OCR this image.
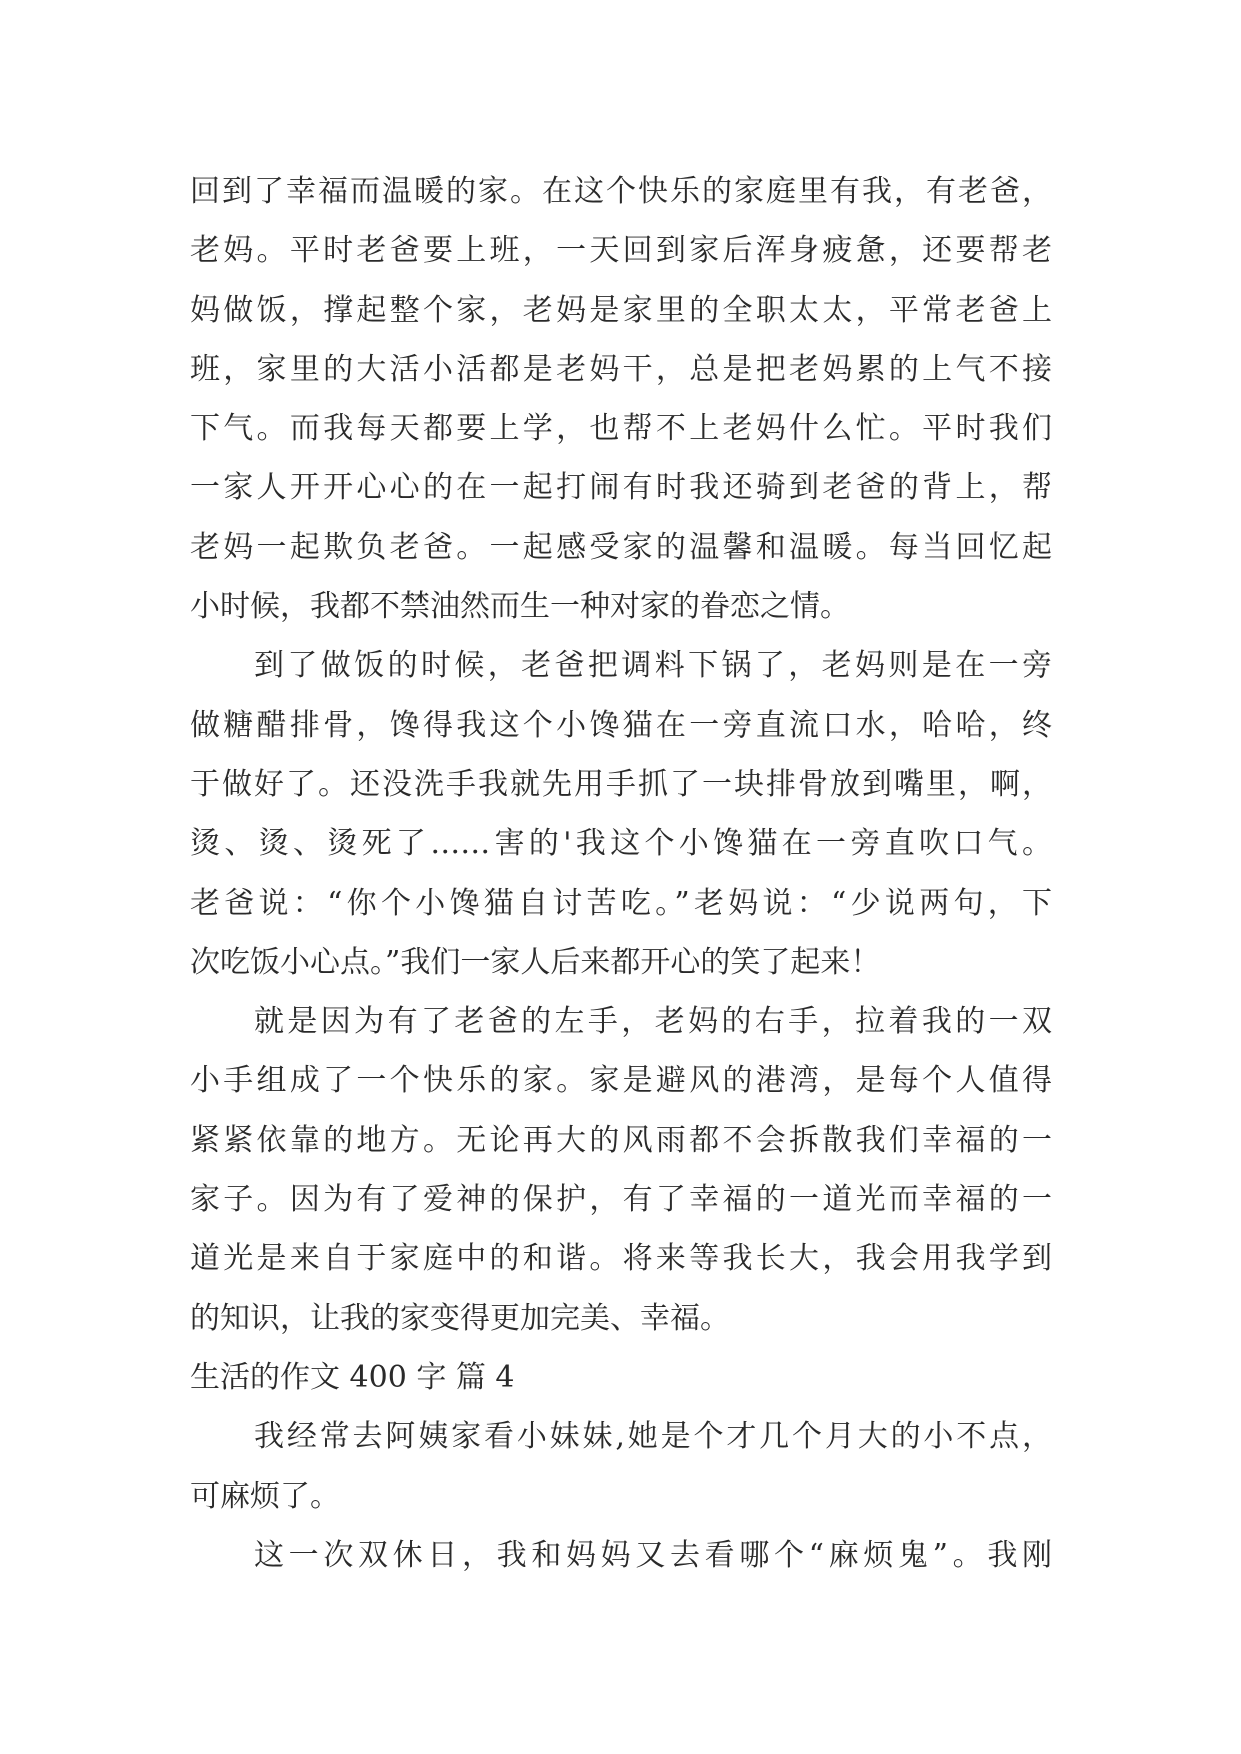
回到了幸福而温暖的家。在这个快乐的家庭里有我，有老爸，
老妈。平时老爸要上班，一天回到家后浑身疲惫，还要帮老
妈做饭，撑起整个家，老妈是家里的全职太太，平常老爸上
班，家里的大活小活都是老妈干，总是把老妈累的上气不接
下气。而我每天都要上学，也帮不上老妈什么忙。平时我们
一家人开开心心的在一起打闹有时我还骑到老爸的背上，帮
老妈一起欺负老爸。一起感受家的温馨和温暖。每当回忆起
小时候，我都不禁油然而生一种对家的眷恋之情。
到了做饭的时候，老爸把调料下锅了，老妈则是在一旁
做糖醋排骨，馋得我这个小馋猫在一旁直流口水，哈哈，终
于做好了。还没洗手我就先用手抓了一块排骨放到嘴里，啊，
烫、烫、烫死了……害的'我这个小馋猫在一旁直吹口气。
老爸说：“你个小馋猫自讨苦吃。”老妈说：“少说两句，下
次吃饭小心点。”我们一家人后来都开心的笑了起来！
就是因为有了老爸的左手，老妈的右手，拉着我的一双
小手组成了一个快乐的家。家是避风的港湾，是每个人值得
紧紧依靠的地方。无论再大的风雨都不会拆散我们幸福的一
家子。因为有了爱神的保护，有了幸福的一道光而幸福的一
道光是来自于家庭中的和谐。将来等我长大，我会用我学到
的知识，让我的家变得更加完美、幸福。
生活的作文 400 字 篇 4
我经常去阿姨家看小妹妹,她是个才几个月大的小不点，
可麻烦了。
这一次双休日，我和妈妈又去看哪个“麻烦鬼”。我刚
